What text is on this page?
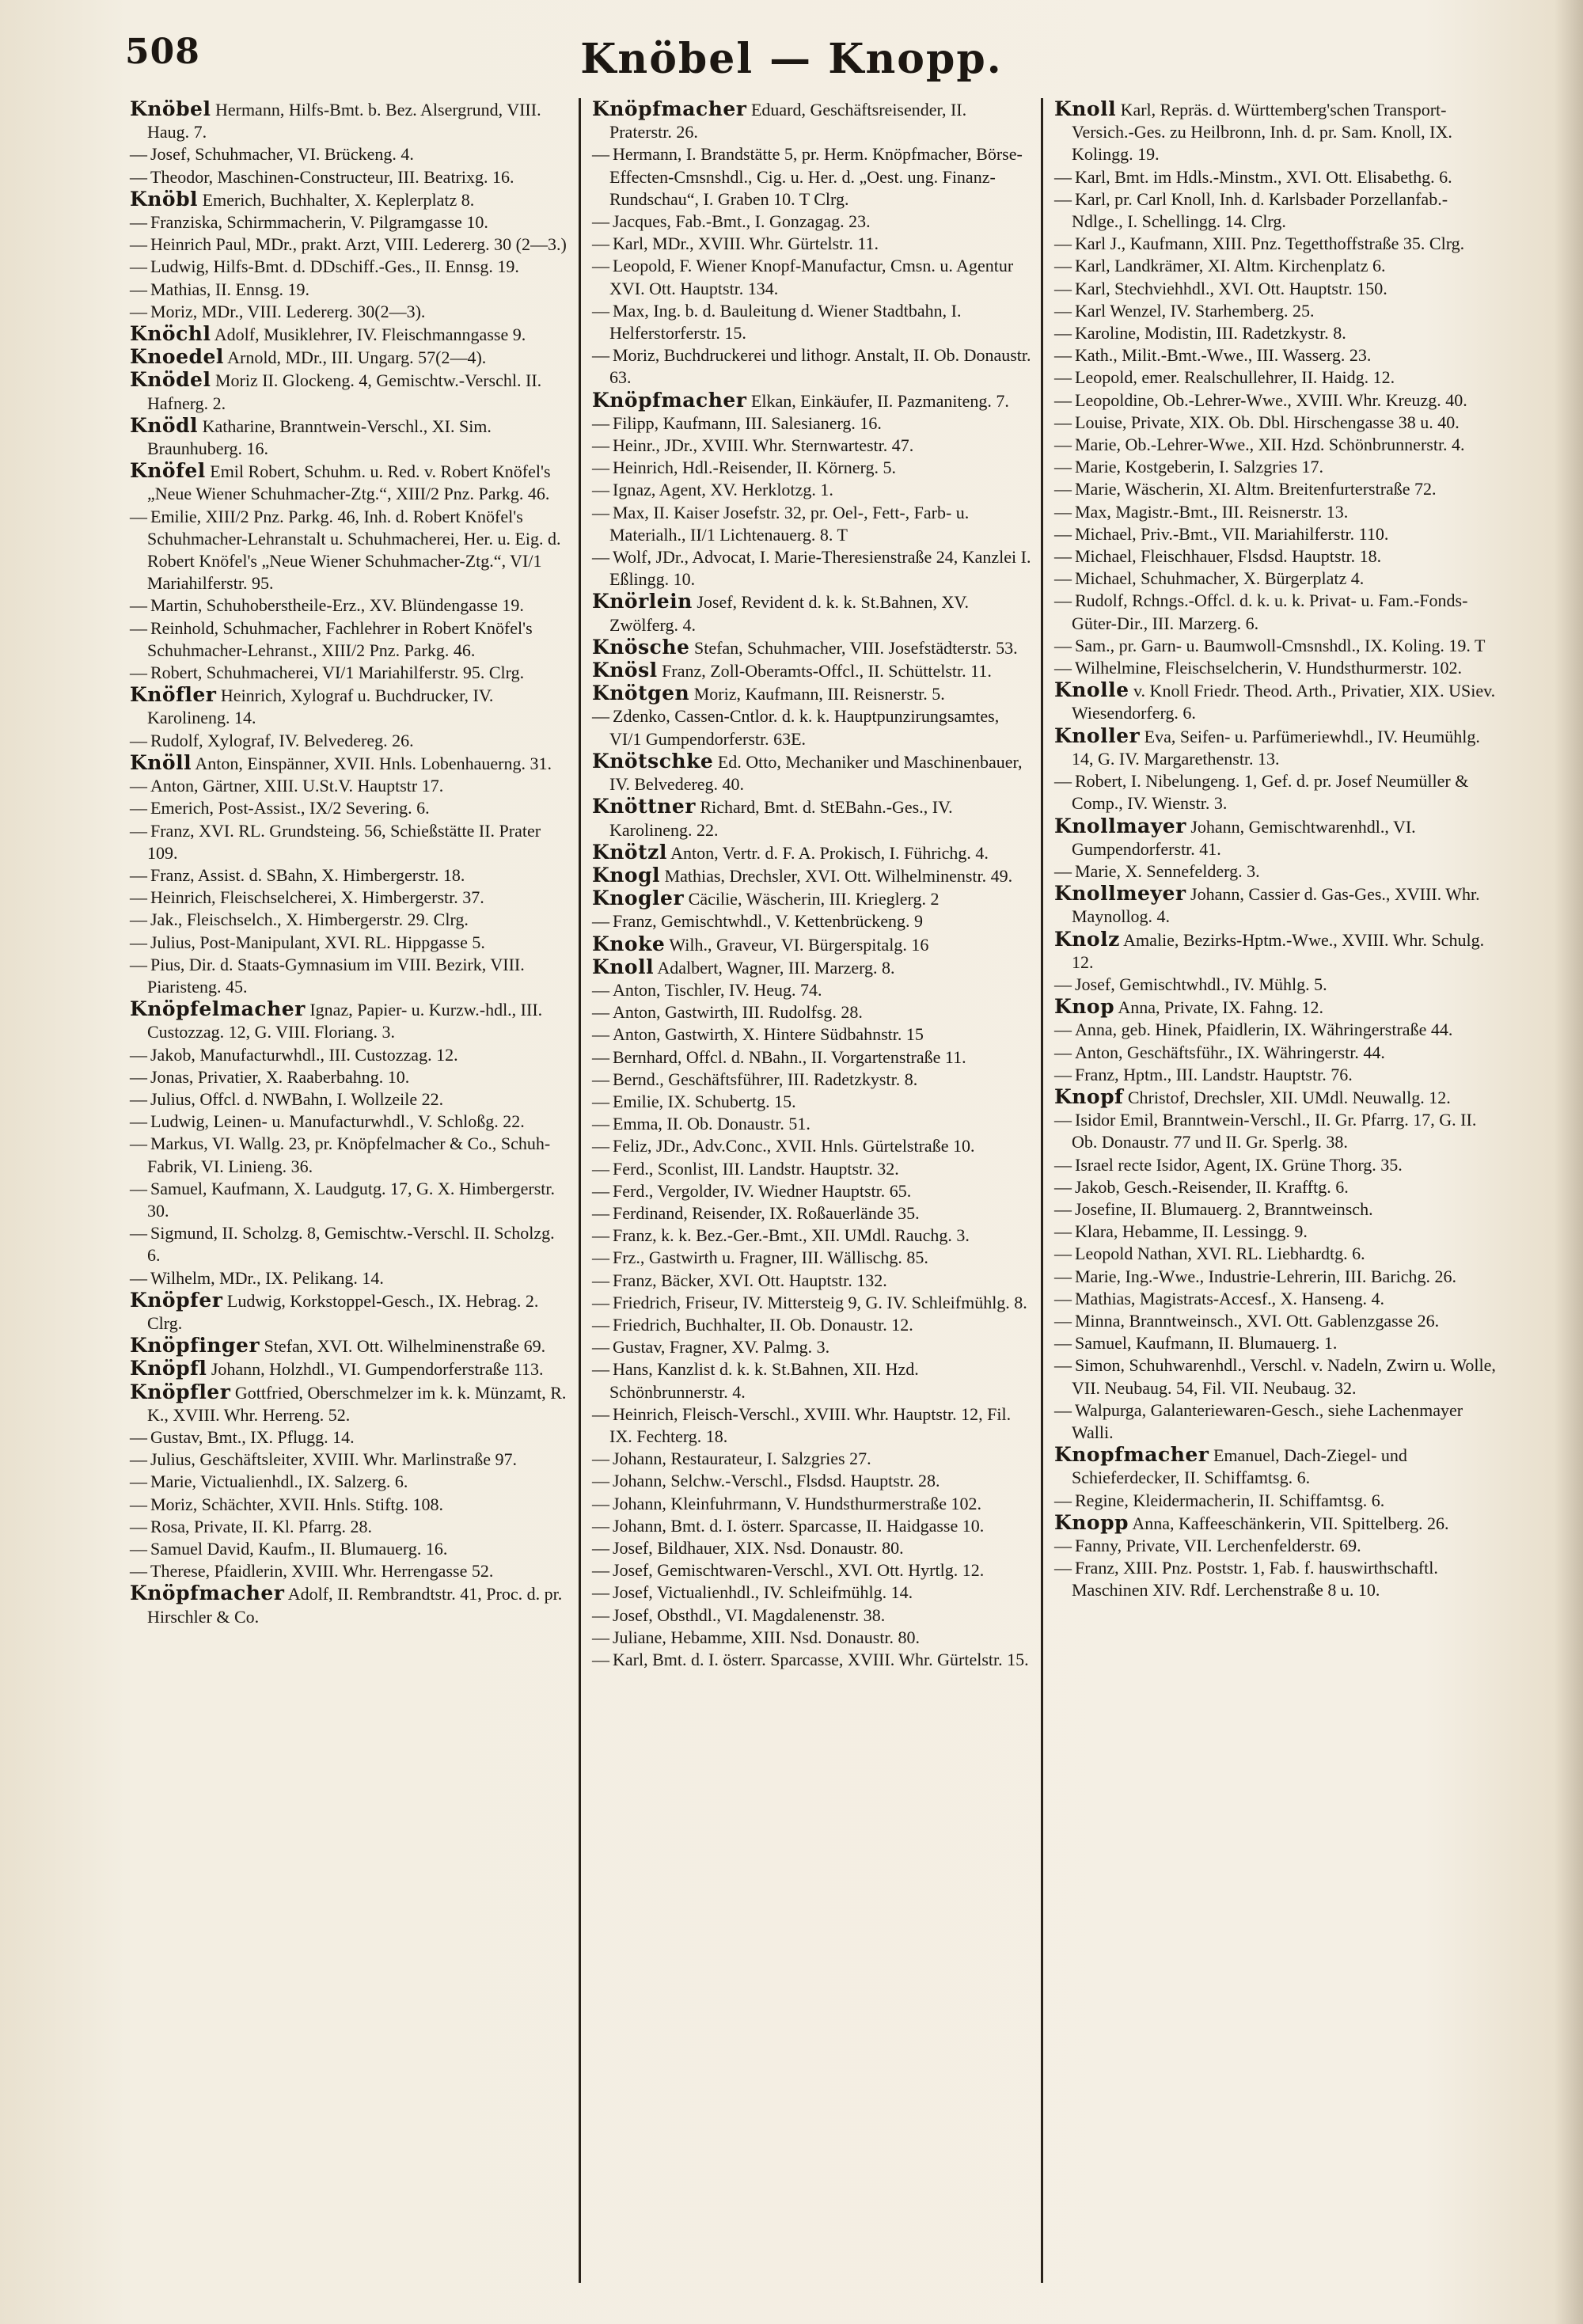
508	Knöbel — Knopp.

Knöbel Hermann, Hilfs-Bmt. b. Bez. Alsergrund, VIII. Haug. 7.

— Josef, Schuhmacher, VI. Brückeng. 4.

— Theodor, Maschinen-Constructeur, III. Beatrixg. 16.

Knöbl Emerich, Buchhalter, X. Keplerplatz 8.

— Franziska, Schirmmacherin, V. Pilgramgasse 10.

— Heinrich Paul, MDr., prakt. Arzt, VIII. Ledererg. 30 (2—3.)

— Ludwig, Hilfs-Bmt. d. DDschiff.-Ges., II. Ennsg. 19.

— Mathias, II. Ennsg. 19.

— Moriz, MDr., VIII. Ledererg. 30(2—3).

Knöchl Adolf, Musiklehrer, IV. Fleischmanngasse 9.

Knoedel Arnold, MDr., III. Ungarg. 57(2—4).

Knödel Moriz II. Glockeng. 4, Gemischtw.-Verschl. II. Hafnerg. 2.

Knödl Katharine, Branntwein-Verschl., XI. Sim. Braunhuberg. 16.

Knöfel Emil Robert, Schuhm. u. Red. v. Robert Knöfel's „Neue Wiener Schuhmacher-Ztg.“, XIII/2 Pnz. Parkg. 46.

— Emilie, XIII/2 Pnz. Parkg. 46, Inh. d. Robert Knöfel's Schuhmacher-Lehranstalt u. Schuhmacherei, Her. u. Eig. d. Robert Knöfel's „Neue Wiener Schuhmacher-Ztg.“, VI/1 Mariahilferstr. 95.

— Martin, Schuhoberstheile-Erz., XV. Blündengasse 19.

— Reinhold, Schuhmacher, Fachlehrer in Robert Knöfel's Schuhmacher-Lehranst., XIII/2 Pnz. Parkg. 46.

— Robert, Schuhmacherei, VI/1 Mariahilferstr. 95. Clrg.

Knöfler Heinrich, Xylograf u. Buchdrucker, IV. Karolineng. 14.

— Rudolf, Xylograf, IV. Belvedereg. 26.

Knöll Anton, Einspänner, XVII. Hnls. Lobenhauerng. 31.

— Anton, Gärtner, XIII. U.St.V. Hauptstr 17.

— Emerich, Post-Assist., IX/2 Severing. 6.

— Franz, XVI. RL. Grundsteing. 56, Schießstätte II. Prater 109.

— Franz, Assist. d. SBahn, X. Himbergerstr. 18.

— Heinrich, Fleischselcherei, X. Himbergerstr. 37.

— Jak., Fleischselch., X. Himbergerstr. 29. Clrg.

— Julius, Post-Manipulant, XVI. RL. Hippgasse 5.

— Pius, Dir. d. Staats-Gymnasium im VIII. Bezirk, VIII. Piaristeng. 45.

Knöpfelmacher Ignaz, Papier- u. Kurzw.-hdl., III. Custozzag. 12, G. VIII. Floriang. 3.

— Jakob, Manufacturwhdl., III. Custozzag. 12.

— Jonas, Privatier, X. Raaberbahng. 10.

— Julius, Offcl. d. NWBahn, I. Wollzeile 22.

— Ludwig, Leinen- u. Manufacturwhdl., V. Schloßg. 22.

— Markus, VI. Wallg. 23, pr. Knöpfelmacher & Co., Schuh-Fabrik, VI. Linieng. 36.

— Samuel, Kaufmann, X. Laudgutg. 17, G. X. Himbergerstr. 30.

— Sigmund, II. Scholzg. 8, Gemischtw.-Verschl. II. Scholzg. 6.

— Wilhelm, MDr., IX. Pelikang. 14.

Knöpfer Ludwig, Korkstoppel-Gesch., IX. Hebrag. 2. Clrg.

Knöpfinger Stefan, XVI. Ott. Wilhelminenstraße 69.

Knöpfl Johann, Holzhdl., VI. Gumpendorferstraße 113.

Knöpfler Gottfried, Oberschmelzer im k. k. Münzamt, R. K., XVIII. Whr. Herreng. 52.

— Gustav, Bmt., IX. Pflugg. 14.

— Julius, Geschäftsleiter, XVIII. Whr. Marlinstraße 97.

— Marie, Victualienhdl., IX. Salzerg. 6.

— Moriz, Schächter, XVII. Hnls. Stiftg. 108.

— Rosa, Private, II. Kl. Pfarrg. 28.

— Samuel David, Kaufm., II. Blumauerg. 16.

— Therese, Pfaidlerin, XVIII. Whr. Herrengasse 52.

Knöpfmacher Adolf, II. Rembrandtstr. 41, Proc. d. pr. Hirschler & Co.

Knöpfmacher Eduard, Geschäftsreisender, II. Praterstr. 26.

— Hermann, I. Brandstätte 5, pr. Herm. Knöpfmacher, Börse-Effecten-Cmsnshdl., Cig. u. Her. d. „Oest. ung. Finanz-Rundschau“, I. Graben 10. T Clrg.

— Jacques, Fab.-Bmt., I. Gonzagag. 23.

— Karl, MDr., XVIII. Whr. Gürtelstr. 11.

— Leopold, F. Wiener Knopf-Manufactur, Cmsn. u. Agentur XVI. Ott. Hauptstr. 134.

— Max, Ing. b. d. Bauleitung d. Wiener Stadtbahn, I. Helferstorferstr. 15.

— Moriz, Buchdruckerei und lithogr. Anstalt, II. Ob. Donaustr. 63.

Knöpfmacher Elkan, Einkäufer, II. Pazmaniteng. 7.

— Filipp, Kaufmann, III. Salesianerg. 16.

— Heinr., JDr., XVIII. Whr. Sternwartestr. 47.

— Heinrich, Hdl.-Reisender, II. Körnerg. 5.

— Ignaz, Agent, XV. Herklotzg. 1.

— Max, II. Kaiser Josefstr. 32, pr. Oel-, Fett-, Farb- u. Materialh., II/1 Lichtenauerg. 8. T

— Wolf, JDr., Advocat, I. Marie-Theresienstraße 24, Kanzlei I. Eßlingg. 10.

Knörlein Josef, Revident d. k. k. St.Bahnen, XV. Zwölferg. 4.

Knösche Stefan, Schuhmacher, VIII. Josefstädterstr. 53.

Knösl Franz, Zoll-Oberamts-Offcl., II. Schüttelstr. 11.

Knötgen Moriz, Kaufmann, III. Reisnerstr. 5.

— Zdenko, Cassen-Cntlor. d. k. k. Hauptpunzirungsamtes, VI/1 Gumpendorferstr. 63E.

Knötschke Ed. Otto, Mechaniker und Maschinenbauer, IV. Belvedereg. 40.

Knöttner Richard, Bmt. d. StEBahn.-Ges., IV. Karolineng. 22.

Knötzl Anton, Vertr. d. F. A. Prokisch, I. Führichg. 4.

Knogl Mathias, Drechsler, XVI. Ott. Wilhelminenstr. 49.

Knogler Cäcilie, Wäscherin, III. Krieglerg. 2

— Franz, Gemischtwhdl., V. Kettenbrückeng. 9

Knoke Wilh., Graveur, VI. Bürgerspitalg. 16

Knoll Adalbert, Wagner, III. Marzerg. 8.

— Anton, Tischler, IV. Heug. 74.

— Anton, Gastwirth, III. Rudolfsg. 28.

— Anton, Gastwirth, X. Hintere Südbahnstr. 15

— Bernhard, Offcl. d. NBahn., II. Vorgartenstraße 11.

— Bernd., Geschäftsführer, III. Radetzkystr. 8.

— Emilie, IX. Schubertg. 15.

— Emma, II. Ob. Donaustr. 51.

— Feliz, JDr., Adv.Conc., XVII. Hnls. Gürtelstraße 10.

— Ferd., Sconlist, III. Landstr. Hauptstr. 32.

— Ferd., Vergolder, IV. Wiedner Hauptstr. 65.

— Ferdinand, Reisender, IX. Roßauerlände 35.

— Franz, k. k. Bez.-Ger.-Bmt., XII. UMdl. Rauchg. 3.

— Frz., Gastwirth u. Fragner, III. Wällischg. 85.

— Franz, Bäcker, XVI. Ott. Hauptstr. 132.

— Friedrich, Friseur, IV. Mittersteig 9, G. IV. Schleifmühlg. 8.

— Friedrich, Buchhalter, II. Ob. Donaustr. 12.

— Gustav, Fragner, XV. Palmg. 3.

— Hans, Kanzlist d. k. k. St.Bahnen, XII. Hzd. Schönbrunnerstr. 4.

— Heinrich, Fleisch-Verschl., XVIII. Whr. Hauptstr. 12, Fil. IX. Fechterg. 18.

— Johann, Restaurateur, I. Salzgries 27.

— Johann, Selchw.-Verschl., Flsdsd. Hauptstr. 28.

— Johann, Kleinfuhrmann, V. Hundsthurmerstraße 102.

— Johann, Bmt. d. I. österr. Sparcasse, II. Haidgasse 10.

— Josef, Bildhauer, XIX. Nsd. Donaustr. 80.

— Josef, Gemischtwaren-Verschl., XVI. Ott. Hyrtlg. 12.

— Josef, Victualienhdl., IV. Schleifmühlg. 14.

— Josef, Obsthdl., VI. Magdalenenstr. 38.

— Juliane, Hebamme, XIII. Nsd. Donaustr. 80.

— Karl, Bmt. d. I. österr. Sparcasse, XVIII. Whr. Gürtelstr. 15.

Knoll Karl, Repräs. d. Württemberg'schen Transport-Versich.-Ges. zu Heilbronn, Inh. d. pr. Sam. Knoll, IX. Kolingg. 19.

— Karl, Bmt. im Hdls.-Minstm., XVI. Ott. Elisabethg. 6.

— Karl, pr. Carl Knoll, Inh. d. Karlsbader Porzellanfab.-Ndlge., I. Schellingg. 14. Clrg.

— Karl J., Kaufmann, XIII. Pnz. Tegetthoffstraße 35. Clrg.

— Karl, Landkrämer, XI. Altm. Kirchenplatz 6.

— Karl, Stechviehhdl., XVI. Ott. Hauptstr. 150.

— Karl Wenzel, IV. Starhemberg. 25.

— Karoline, Modistin, III. Radetzkystr. 8.

— Kath., Milit.-Bmt.-Wwe., III. Wasserg. 23.

— Leopold, emer. Realschullehrer, II. Haidg. 12.

— Leopoldine, Ob.-Lehrer-Wwe., XVIII. Whr. Kreuzg. 40.

— Louise, Private, XIX. Ob. Dbl. Hirschengasse 38 u. 40.

— Marie, Ob.-Lehrer-Wwe., XII. Hzd. Schönbrunnerstr. 4.

— Marie, Kostgeberin, I. Salzgries 17.

— Marie, Wäscherin, XI. Altm. Breitenfurterstraße 72.

— Max, Magistr.-Bmt., III. Reisnerstr. 13.

— Michael, Priv.-Bmt., VII. Mariahilferstr. 110.

— Michael, Fleischhauer, Flsdsd. Hauptstr. 18.

— Michael, Schuhmacher, X. Bürgerplatz 4.

— Rudolf, Rchngs.-Offcl. d. k. u. k. Privat- u. Fam.-Fonds-Güter-Dir., III. Marzerg. 6.

— Sam., pr. Garn- u. Baumwoll-Cmsnshdl., IX. Koling. 19. T

— Wilhelmine, Fleischselcherin, V. Hundsthurmerstr. 102.

Knolle v. Knoll Friedr. Theod. Arth., Privatier, XIX. USiev. Wiesendorferg. 6.

Knoller Eva, Seifen- u. Parfümeriewhdl., IV. Heumühlg. 14, G. IV. Margarethenstr. 13.

— Robert, I. Nibelungeng. 1, Gef. d. pr. Josef Neumüller & Comp., IV. Wienstr. 3.

Knollmayer Johann, Gemischtwarenhdl., VI. Gumpendorferstr. 41.

— Marie, X. Sennefelderg. 3.

Knollmeyer Johann, Cassier d. Gas-Ges., XVIII. Whr. Maynollog. 4.

Knolz Amalie, Bezirks-Hptm.-Wwe., XVIII. Whr. Schulg. 12.

— Josef, Gemischtwhdl., IV. Mühlg. 5.

Knop Anna, Private, IX. Fahng. 12.

— Anna, geb. Hinek, Pfaidlerin, IX. Währingerstraße 44.

— Anton, Geschäftsführ., IX. Währingerstr. 44.

— Franz, Hptm., III. Landstr. Hauptstr. 76.

Knopf Christof, Drechsler, XII. UMdl. Neuwallg. 12.

— Isidor Emil, Branntwein-Verschl., II. Gr. Pfarrg. 17, G. II. Ob. Donaustr. 77 und II. Gr. Sperlg. 38.

— Israel recte Isidor, Agent, IX. Grüne Thorg. 35.

— Jakob, Gesch.-Reisender, II. Krafftg. 6.

— Josefine, II. Blumauerg. 2, Branntweinsch.

— Klara, Hebamme, II. Lessingg. 9.

— Leopold Nathan, XVI. RL. Liebhardtg. 6.

— Marie, Ing.-Wwe., Industrie-Lehrerin, III. Barichg. 26.

— Mathias, Magistrats-Accesf., X. Hanseng. 4.

— Minna, Branntweinsch., XVI. Ott. Gablenzgasse 26.

— Samuel, Kaufmann, II. Blumauerg. 1.

— Simon, Schuhwarenhdl., Verschl. v. Nadeln, Zwirn u. Wolle, VII. Neubaug. 54, Fil. VII. Neubaug. 32.

— Walpurga, Galanteriewaren-Gesch., siehe Lachenmayer Walli.

Knopfmacher Emanuel, Dach-Ziegel- und Schieferdecker, II. Schiffamtsg. 6.

— Regine, Kleidermacherin, II. Schiffamtsg. 6.

Knopp Anna, Kaffeeschänkerin, VII. Spittelberg. 26.

— Fanny, Private, VII. Lerchenfelderstr. 69.

— Franz, XIII. Pnz. Poststr. 1, Fab. f. hauswirthschaftl. Maschinen XIV. Rdf. Lerchenstraße 8 u. 10.
